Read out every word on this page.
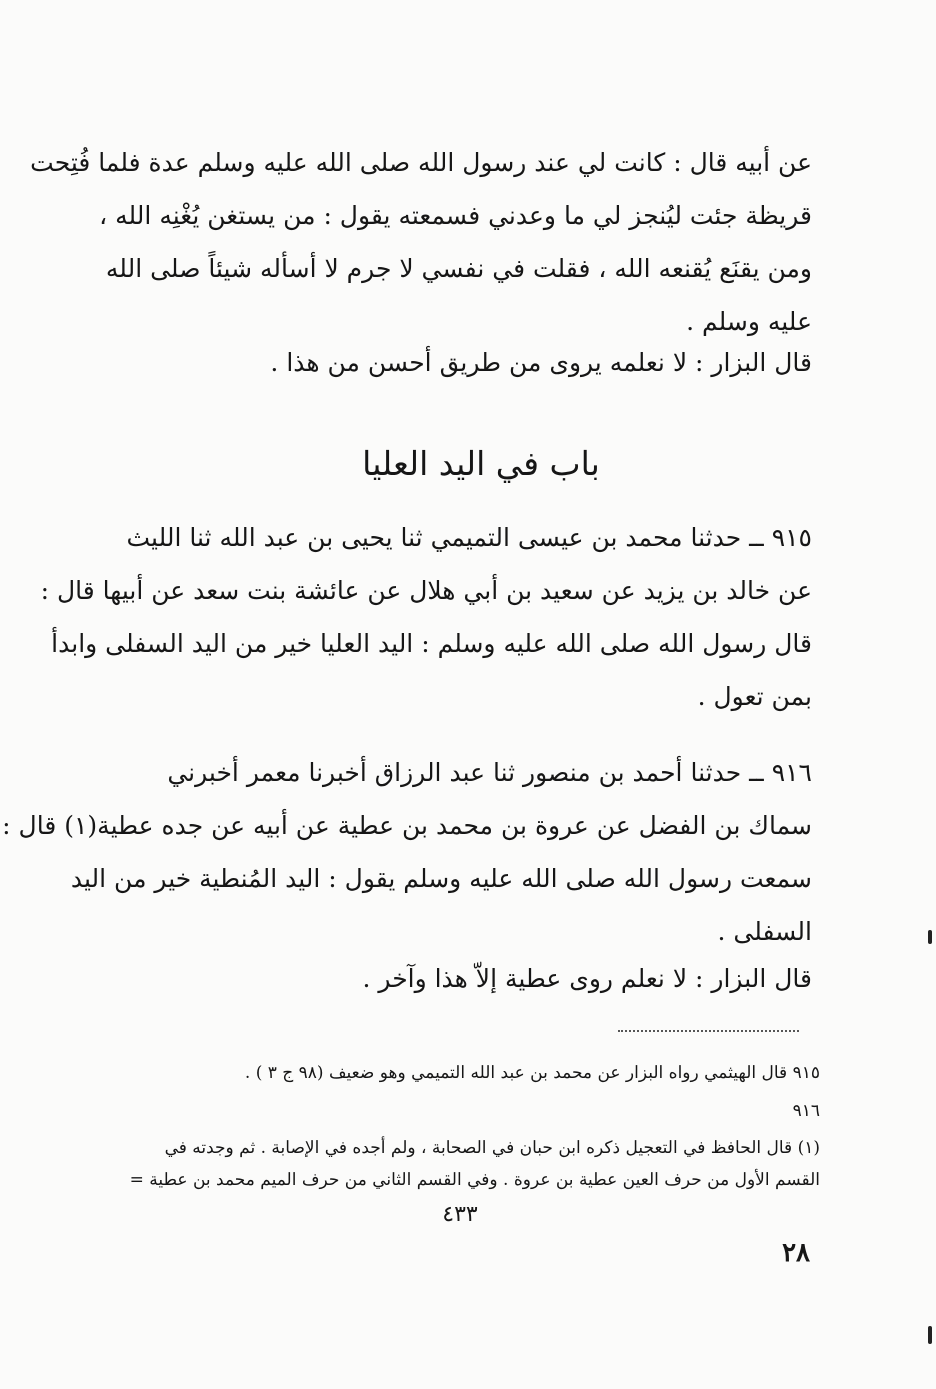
عن أبيه قال : كانت لي عند رسول الله صلى الله عليه وسلم عدة فلما فُتِحت
قريظة جئت ليُنجز لي ما وعدني فسمعته يقول : من يستغن يُغْنِه الله ،
ومن يقنَع يُقنعه الله ، فقلت في نفسي لا جرم لا أسأله شيئاً صلى الله
عليه وسلم .
قال البزار : لا نعلمه يروى من طريق أحسن من هذا .
باب في اليد العليا
٩١٥ ــ حدثنا محمد بن عيسى التميمي ثنا يحيى بن عبد الله ثنا الليث
عن خالد بن يزيد عن سعيد بن أبي هلال عن عائشة بنت سعد عن أبيها قال :
قال رسول الله صلى الله عليه وسلم : اليد العليا خير من اليد السفلى وابدأ
بمن تعول .
٩١٦ ــ حدثنا أحمد بن منصور ثنا عبد الرزاق أخبرنا معمر أخبرني
سماك بن الفضل عن عروة بن محمد بن عطية عن أبيه عن جده عطية(١) قال :
سمعت رسول الله صلى الله عليه وسلم يقول : اليد المُنطية خير من اليد
السفلى .
قال البزار : لا نعلم روى عطية إلاّ هذا وآخر .
٩١٥ قال الهيثمي رواه البزار عن محمد بن عبد الله التميمي وهو ضعيف (٩٨ ج ٣ ) .
٩١٦
(١) قال الحافظ في التعجيل ذكره ابن حبان في الصحابة ، ولم أجده في الإصابة . ثم وجدته في
القسم الأول من حرف العين عطية بن عروة . وفي القسم الثاني من حرف الميم محمد بن عطية =
٤٣٣
٢٨
